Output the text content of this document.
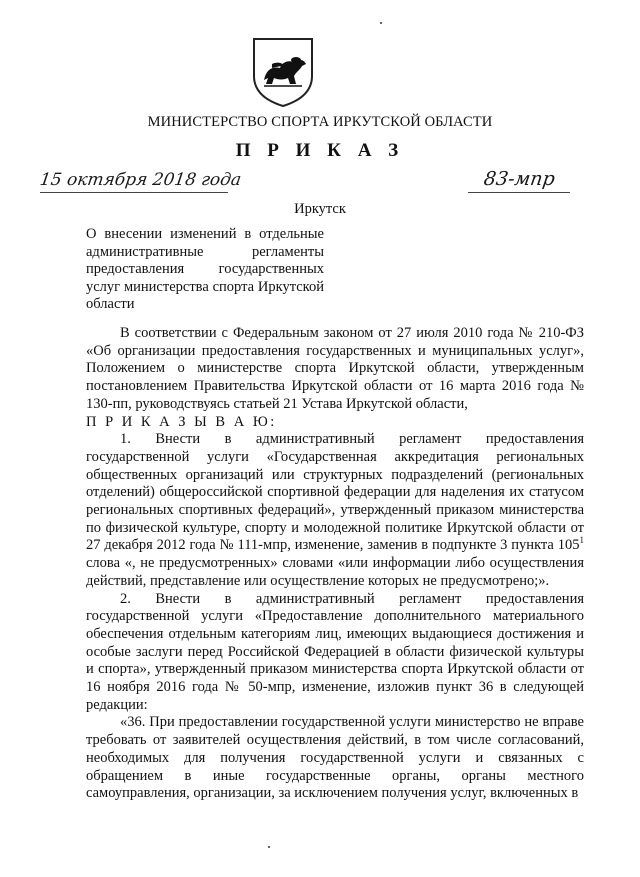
МИНИСТЕРСТВО СПОРТА ИРКУТСКОЙ ОБЛАСТИ
П Р И К А З
15 октября 2018 года	83-мпр
Иркутск
О внесении изменений в отдельные административные регламенты предоставления государственных услуг министерства спорта Иркутской области

В соответствии с Федеральным законом от 27 июля 2010 года № 210-ФЗ «Об организации предоставления государственных и муниципальных услуг», Положением о министерстве спорта Иркутской области, утвержденным постановлением Правительства Иркутской области от 16 марта 2016 года № 130-пп, руководствуясь статьей 21 Устава Иркутской области,

П Р И К А З Ы В А Ю:

1. Внести в административный регламент предоставления государственной услуги «Государственная аккредитация региональных общественных организаций или структурных подразделений (региональных отделений) общероссийской спортивной федерации для наделения их статусом региональных спортивных федераций», утвержденный приказом министерства по физической культуре, спорту и молодежной политике Иркутской области от 27 декабря 2012 года № 111-мпр, изменение, заменив в подпункте 3 пункта $105^1$ слова «, не предусмотренных» словами «или информации либо осуществления действий, представление или осуществление которых не предусмотрено;».

2. Внести в административный регламент предоставления государственной услуги «Предоставление дополнительного материального обеспечения отдельным категориям лиц, имеющих выдающиеся достижения и особые заслуги перед Российской Федерацией в области физической культуры и спорта», утвержденный приказом министерства спорта Иркутской области от 16 ноября 2016 года № 50-мпр, изменение, изложив пункт 36 в следующей редакции:

«36. При предоставлении государственной услуги министерство не вправе требовать от заявителей осуществления действий, в том числе согласований, необходимых для получения государственной услуги и связанных с обращением в иные государственные органы, органы местного самоуправления, организации, за исключением получения услуг, включенных в
